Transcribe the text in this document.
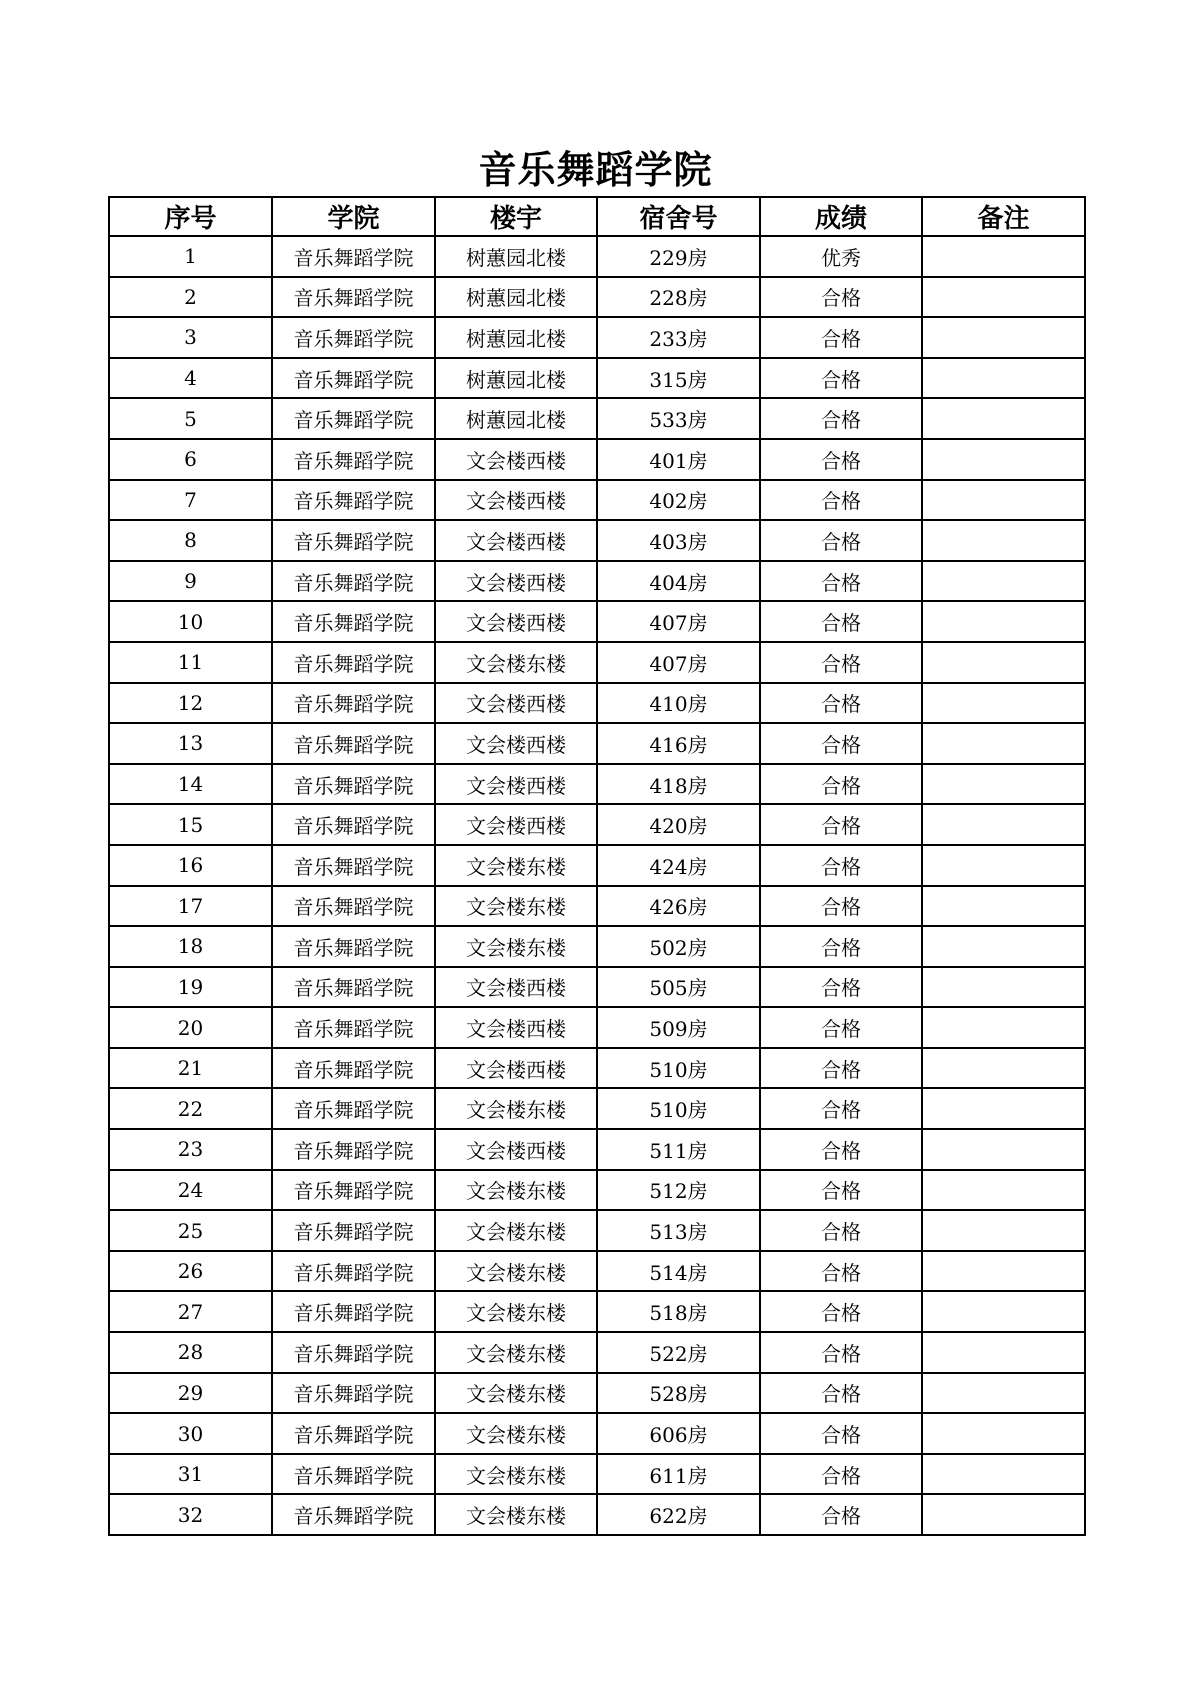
音乐舞蹈学院
序号	学院	楼宇	宿舍号	成绩	备注
1	音乐舞蹈学院	树蕙园北楼	229房	优秀	
2	音乐舞蹈学院	树蕙园北楼	228房	合格	
3	音乐舞蹈学院	树蕙园北楼	233房	合格	
4	音乐舞蹈学院	树蕙园北楼	315房	合格	
5	音乐舞蹈学院	树蕙园北楼	533房	合格	
6	音乐舞蹈学院	文会楼西楼	401房	合格	
7	音乐舞蹈学院	文会楼西楼	402房	合格	
8	音乐舞蹈学院	文会楼西楼	403房	合格	
9	音乐舞蹈学院	文会楼西楼	404房	合格	
10	音乐舞蹈学院	文会楼西楼	407房	合格	
11	音乐舞蹈学院	文会楼东楼	407房	合格	
12	音乐舞蹈学院	文会楼西楼	410房	合格	
13	音乐舞蹈学院	文会楼西楼	416房	合格	
14	音乐舞蹈学院	文会楼西楼	418房	合格	
15	音乐舞蹈学院	文会楼西楼	420房	合格	
16	音乐舞蹈学院	文会楼东楼	424房	合格	
17	音乐舞蹈学院	文会楼东楼	426房	合格	
18	音乐舞蹈学院	文会楼东楼	502房	合格	
19	音乐舞蹈学院	文会楼西楼	505房	合格	
20	音乐舞蹈学院	文会楼西楼	509房	合格	
21	音乐舞蹈学院	文会楼西楼	510房	合格	
22	音乐舞蹈学院	文会楼东楼	510房	合格	
23	音乐舞蹈学院	文会楼西楼	511房	合格	
24	音乐舞蹈学院	文会楼东楼	512房	合格	
25	音乐舞蹈学院	文会楼东楼	513房	合格	
26	音乐舞蹈学院	文会楼东楼	514房	合格	
27	音乐舞蹈学院	文会楼东楼	518房	合格	
28	音乐舞蹈学院	文会楼东楼	522房	合格	
29	音乐舞蹈学院	文会楼东楼	528房	合格	
30	音乐舞蹈学院	文会楼东楼	606房	合格	
31	音乐舞蹈学院	文会楼东楼	611房	合格	
32	音乐舞蹈学院	文会楼东楼	622房	合格	
